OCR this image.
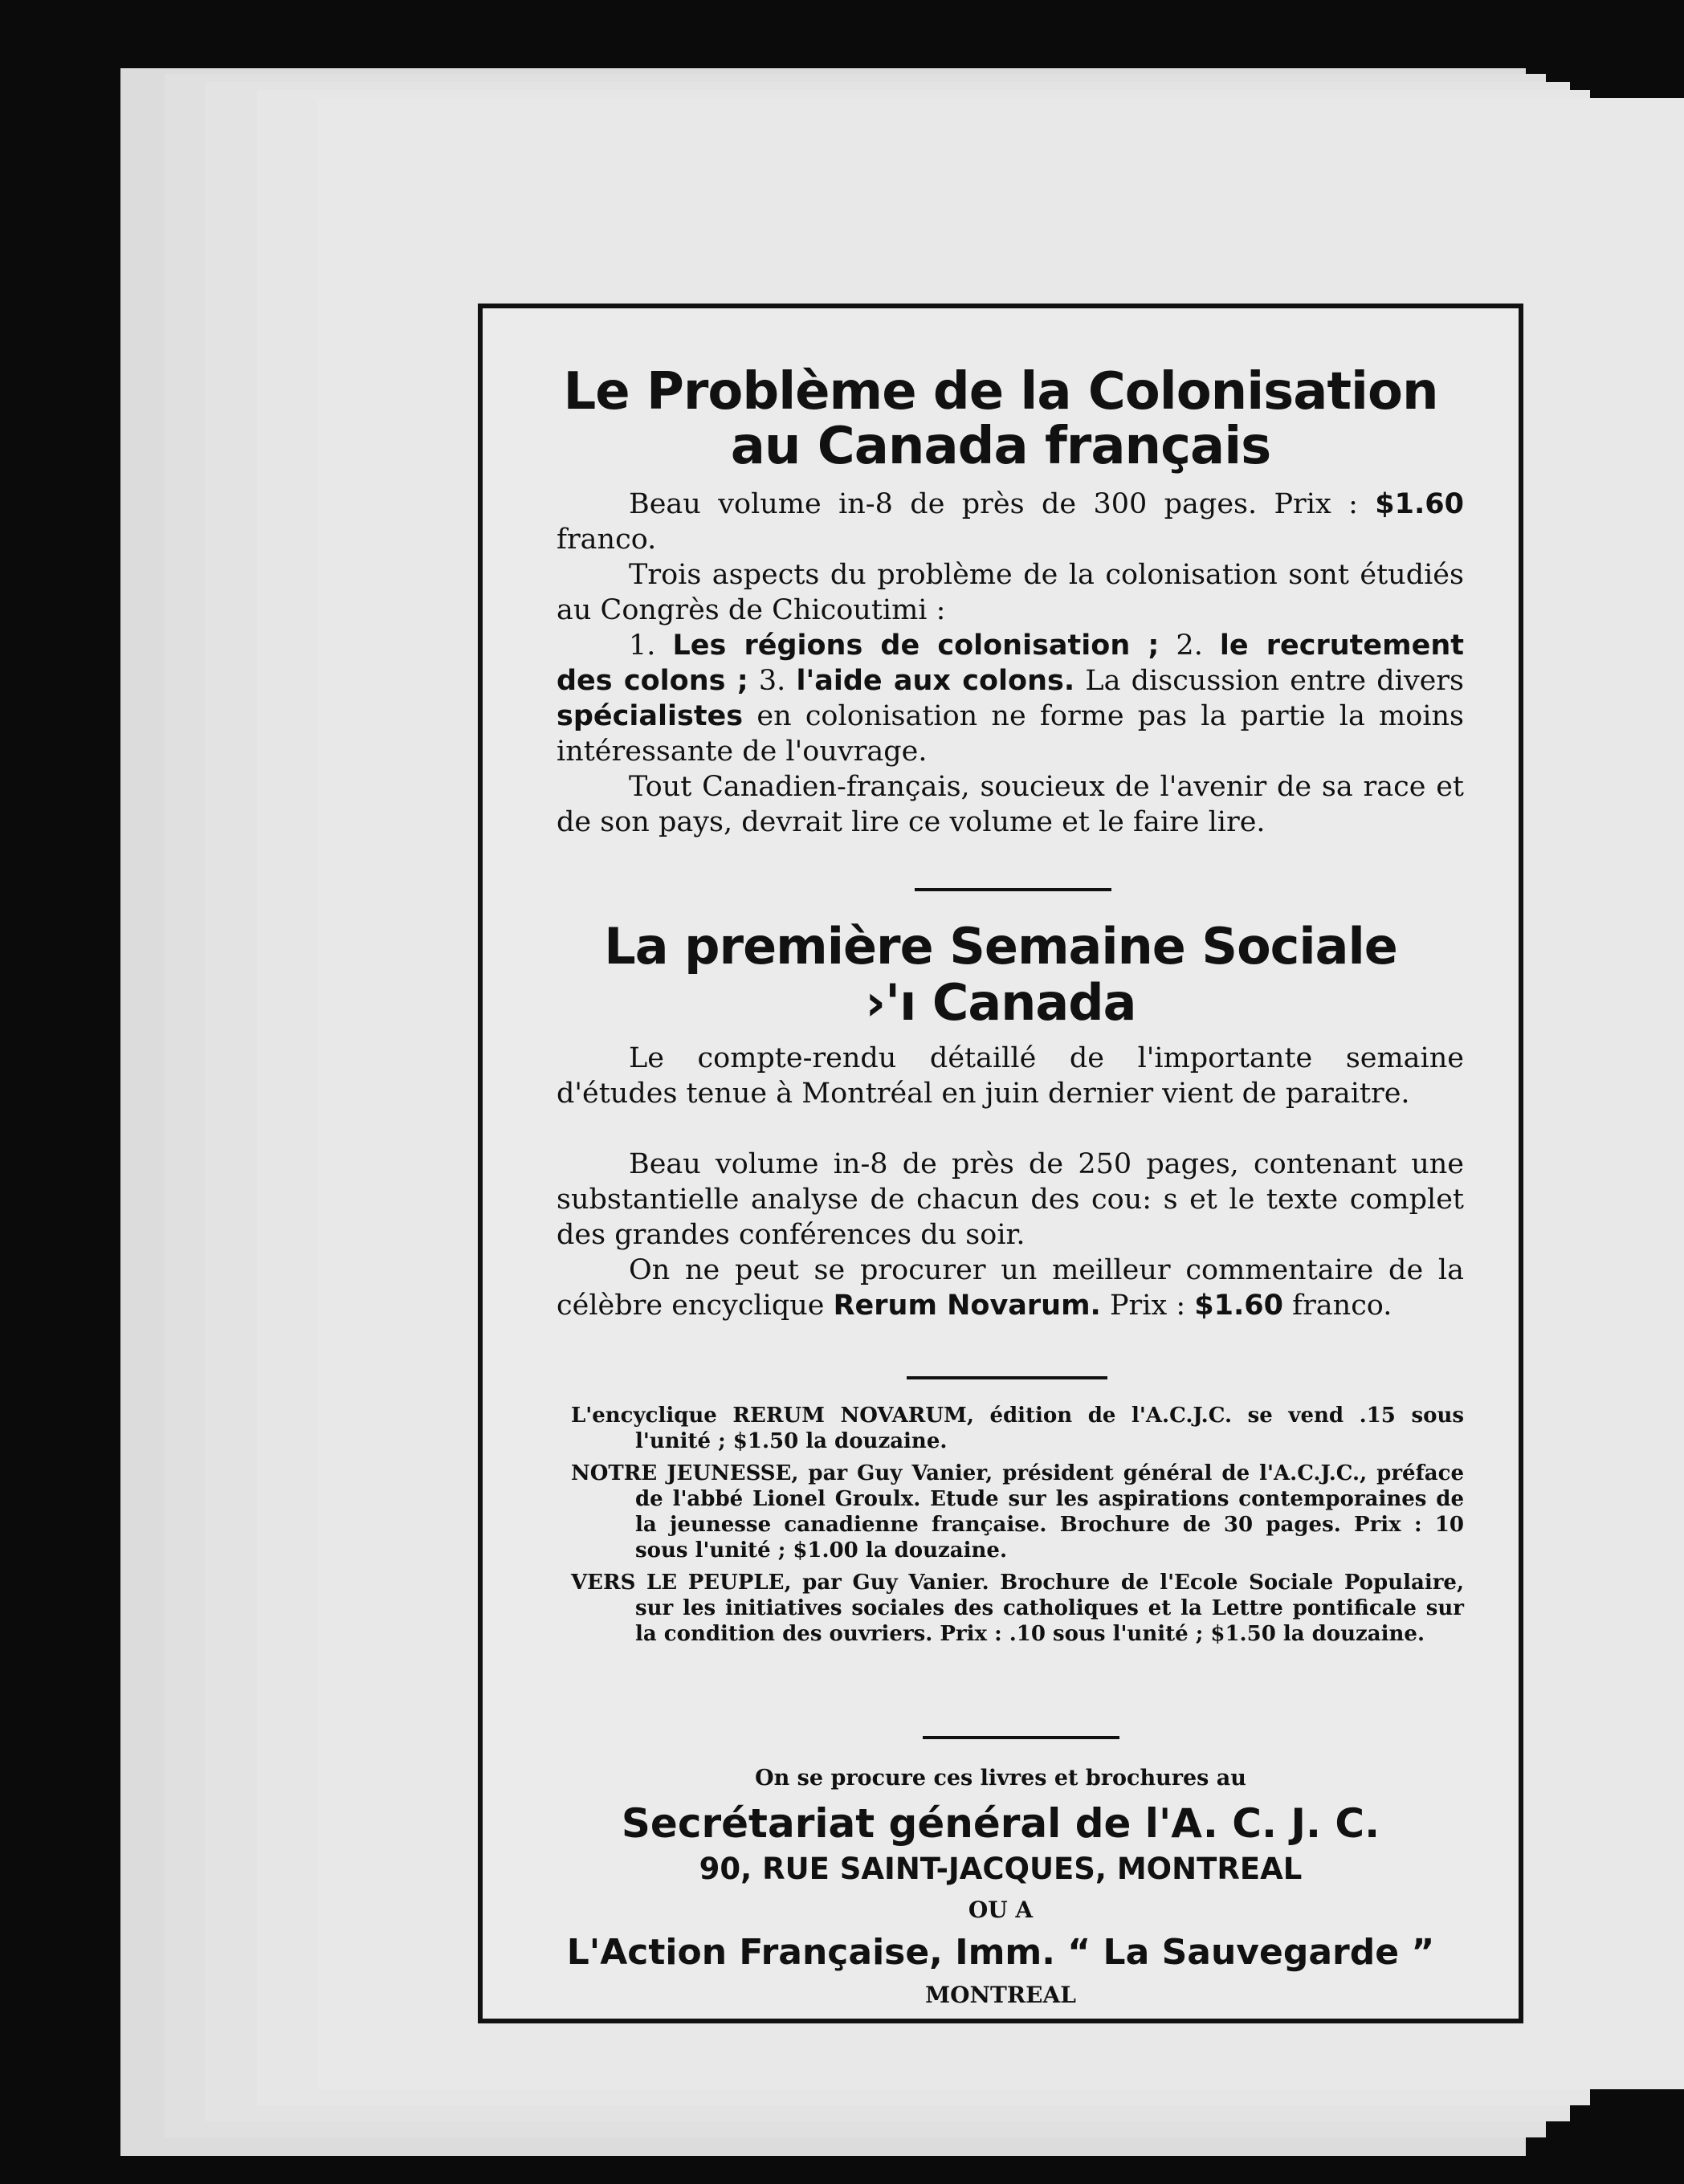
Le Problème de la Colonisation
au Canada français

Beau volume in-8 de près de 300 pages. Prix : $1.60 franco.

Trois aspects du problème de la colonisation sont étudiés au Congrès de Chicoutimi :

1. Les régions de colonisation ; 2. le recrutement des colons ; 3. l'aide aux colons. La discussion entre divers spécialistes en colonisation ne forme pas la partie la moins intéressante de l'ouvrage.

Tout Canadien-français, soucieux de l'avenir de sa race et de son pays, devrait lire ce volume et le faire lire.

La première Semaine Sociale
›'ı Canada

Le compte-rendu détaillé de l'importante semaine d'études tenue à Montréal en juin dernier vient de paraitre.

Beau volume in-8 de près de 250 pages, contenant une substantielle analyse de chacun des cou: s et le texte complet des grandes conférences du soir.

On ne peut se procurer un meilleur commentaire de la célèbre encyclique Rerum Novarum. Prix : $1.60 franco.

L'encyclique RERUM NOVARUM, édition de l'A.C.J.C. se vend .15 sous l'unité ; $1.50 la douzaine.

NOTRE JEUNESSE, par Guy Vanier, président général de l'A.C.J.C., préface de l'abbé Lionel Groulx. Etude sur les aspirations contemporaines de la jeunesse canadienne française. Brochure de 30 pages. Prix : 10 sous l'unité ; $1.00 la douzaine.

VERS LE PEUPLE, par Guy Vanier. Brochure de l'Ecole Sociale Populaire, sur les initiatives sociales des catholiques et la Lettre pontificale sur la condition des ouvriers. Prix : .10 sous l'unité ; $1.50 la douzaine.

On se procure ces livres et brochures au

Secrétariat général de l'A. C. J. C.

90, RUE SAINT-JACQUES, MONTREAL

OU A

L'Action Française, Imm. “ La Sauvegarde ”

MONTREAL
